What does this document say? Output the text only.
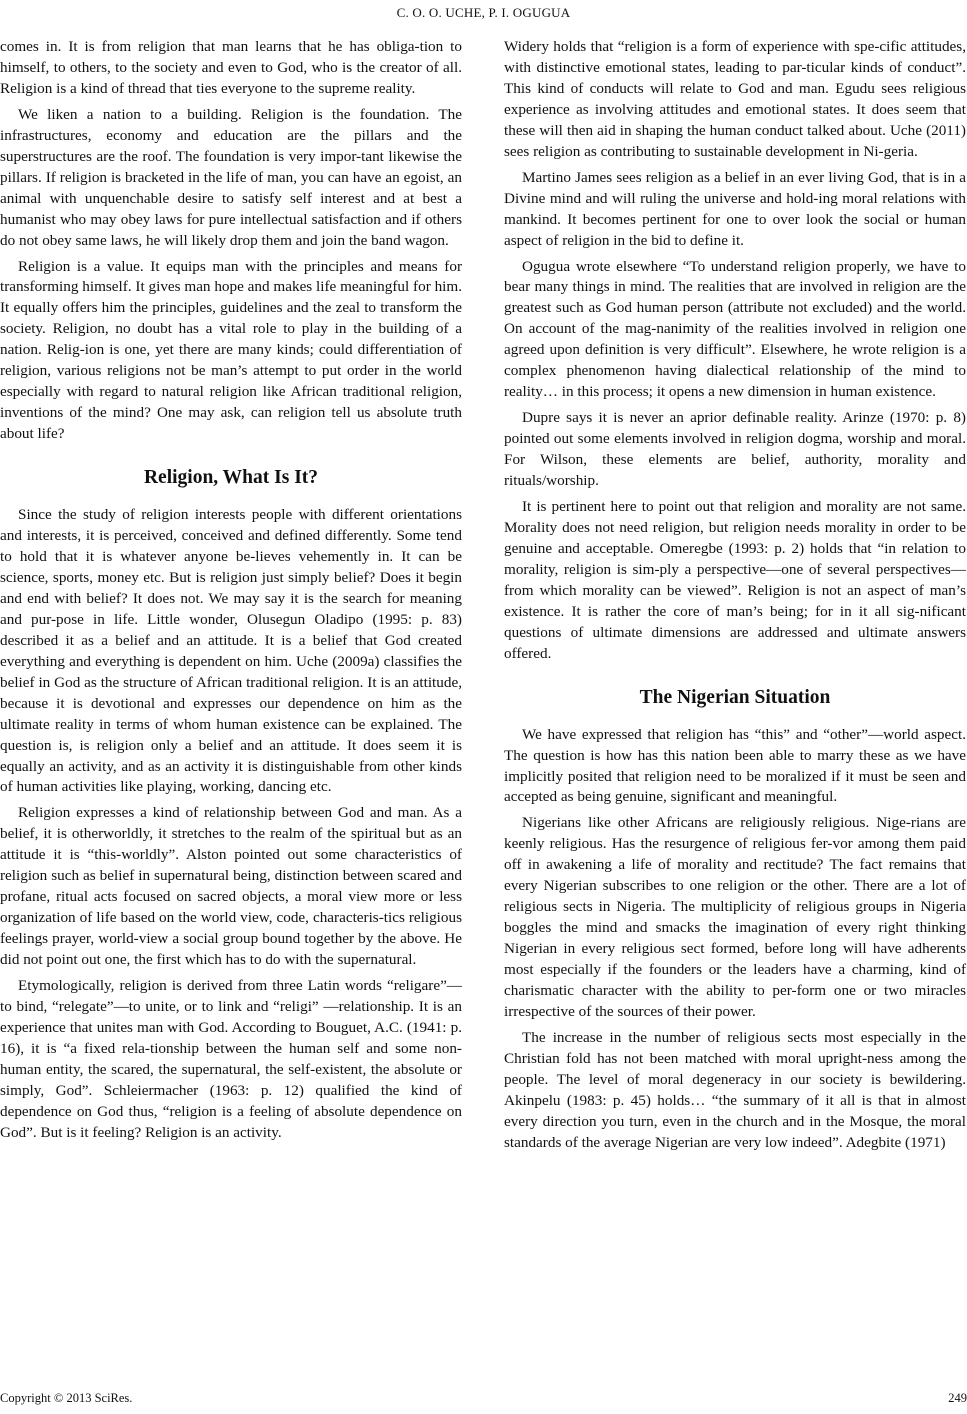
C. O. O. UCHE, P. I. OGUGUA

comes in. It is from religion that man learns that he has obliga-tion to himself, to others, to the society and even to God, who is the creator of all. Religion is a kind of thread that ties everyone to the supreme reality.

We liken a nation to a building. Religion is the foundation. The infrastructures, economy and education are the pillars and the superstructures are the roof. The foundation is very impor-tant likewise the pillars. If religion is bracketed in the life of man, you can have an egoist, an animal with unquenchable desire to satisfy self interest and at best a humanist who may obey laws for pure intellectual satisfaction and if others do not obey same laws, he will likely drop them and join the band wagon.

Religion is a value. It equips man with the principles and means for transforming himself. It gives man hope and makes life meaningful for him. It equally offers him the principles, guidelines and the zeal to transform the society. Religion, no doubt has a vital role to play in the building of a nation. Relig-ion is one, yet there are many kinds; could differentiation of religion, various religions not be man’s attempt to put order in the world especially with regard to natural religion like African traditional religion, inventions of the mind? One may ask, can religion tell us absolute truth about life?

Religion, What Is It?

Since the study of religion interests people with different orientations and interests, it is perceived, conceived and defined differently. Some tend to hold that it is whatever anyone be-lieves vehemently in. It can be science, sports, money etc. But is religion just simply belief? Does it begin and end with belief? It does not. We may say it is the search for meaning and pur-pose in life. Little wonder, Olusegun Oladipo (1995: p. 83) described it as a belief and an attitude. It is a belief that God created everything and everything is dependent on him. Uche (2009a) classifies the belief in God as the structure of African traditional religion. It is an attitude, because it is devotional and expresses our dependence on him as the ultimate reality in terms of whom human existence can be explained. The question is, is religion only a belief and an attitude. It does seem it is equally an activity, and as an activity it is distinguishable from other kinds of human activities like playing, working, dancing etc.

Religion expresses a kind of relationship between God and man. As a belief, it is otherworldly, it stretches to the realm of the spiritual but as an attitude it is “this-worldly”. Alston pointed out some characteristics of religion such as belief in supernatural being, distinction between scared and profane, ritual acts focused on sacred objects, a moral view more or less organization of life based on the world view, code, characteris-tics religious feelings prayer, world-view a social group bound together by the above. He did not point out one, the first which has to do with the supernatural.

Etymologically, religion is derived from three Latin words “religare”—to bind, “relegate”—to unite, or to link and “religi” —relationship. It is an experience that unites man with God. According to Bouguet, A.C. (1941: p. 16), it is “a fixed rela-tionship between the human self and some non-human entity, the scared, the supernatural, the self-existent, the absolute or simply, God”. Schleiermacher (1963: p. 12) qualified the kind of dependence on God thus, “religion is a feeling of absolute dependence on God”. But is it feeling? Religion is an activity.

Widery holds that “religion is a form of experience with spe-cific attitudes, with distinctive emotional states, leading to par-ticular kinds of conduct”. This kind of conducts will relate to God and man. Egudu sees religious experience as involving attitudes and emotional states. It does seem that these will then aid in shaping the human conduct talked about. Uche (2011) sees religion as contributing to sustainable development in Ni-geria.

Martino James sees religion as a belief in an ever living God, that is in a Divine mind and will ruling the universe and hold-ing moral relations with mankind. It becomes pertinent for one to over look the social or human aspect of religion in the bid to define it.

Ogugua wrote elsewhere “To understand religion properly, we have to bear many things in mind. The realities that are involved in religion are the greatest such as God human person (attribute not excluded) and the world. On account of the mag-nanimity of the realities involved in religion one agreed upon definition is very difficult”. Elsewhere, he wrote religion is a complex phenomenon having dialectical relationship of the mind to reality… in this process; it opens a new dimension in human existence.

Dupre says it is never an aprior definable reality. Arinze (1970: p. 8) pointed out some elements involved in religion dogma, worship and moral. For Wilson, these elements are belief, authority, morality and rituals/worship.

It is pertinent here to point out that religion and morality are not same. Morality does not need religion, but religion needs morality in order to be genuine and acceptable. Omeregbe (1993: p. 2) holds that “in relation to morality, religion is sim-ply a perspective—one of several perspectives—from which morality can be viewed”. Religion is not an aspect of man’s existence. It is rather the core of man’s being; for in it all sig-nificant questions of ultimate dimensions are addressed and ultimate answers offered.

The Nigerian Situation

We have expressed that religion has “this” and “other”—world aspect. The question is how has this nation been able to marry these as we have implicitly posited that religion need to be moralized if it must be seen and accepted as being genuine, significant and meaningful.

Nigerians like other Africans are religiously religious. Nige-rians are keenly religious. Has the resurgence of religious fer-vor among them paid off in awakening a life of morality and rectitude? The fact remains that every Nigerian subscribes to one religion or the other. There are a lot of religious sects in Nigeria. The multiplicity of religious groups in Nigeria boggles the mind and smacks the imagination of every right thinking Nigerian in every religious sect formed, before long will have adherents most especially if the founders or the leaders have a charming, kind of charismatic character with the ability to per-form one or two miracles irrespective of the sources of their power.

The increase in the number of religious sects most especially in the Christian fold has not been matched with moral upright-ness among the people. The level of moral degeneracy in our society is bewildering. Akinpelu (1983: p. 45) holds… “the summary of it all is that in almost every direction you turn, even in the church and in the Mosque, the moral standards of the average Nigerian are very low indeed”. Adegbite (1971)

Copyright © 2013 SciRes.	249
